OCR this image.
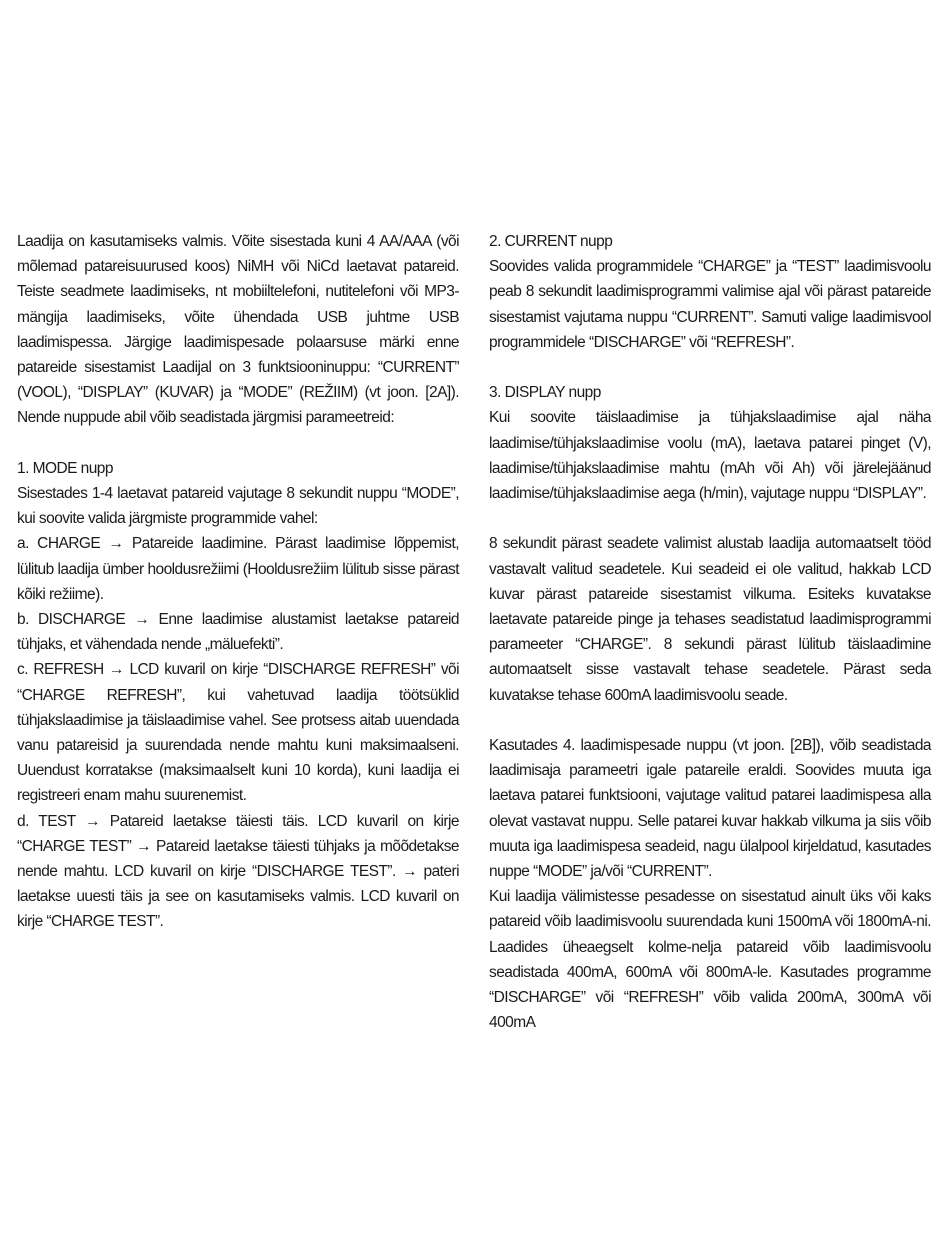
Laadija on kasutamiseks valmis. Võite sisestada kuni 4 AA/AAA (või mõlemad patareisuurused koos) NiMH või NiCd laetavat patareid. Teiste seadmete laadimiseks, nt mobiiltelefoni, nutitelefoni või MP3-mängija laadimiseks, võite ühendada USB juhtme USB laadimispessa. Järgige laadimispesade polaarsuse märki enne patareide sisestamist Laadijal on 3 funktsiooninuppu: “CURRENT” (VOOL), “DISPLAY” (KUVAR) ja “MODE” (REŽIIM) (vt joon. [2A]). Nende nuppude abil võib seadistada järgmisi parameetreid:

1. MODE nupp

Sisestades 1-4 laetavat patareid vajutage 8 sekundit nuppu “MODE”, kui soovite valida järgmiste programmide vahel:

a. CHARGE → Patareide laadimine. Pärast laadimise lõppemist, lülitub laadija ümber hooldusrežiimi (Hooldusrežiim lülitub sisse pärast kõiki režiime).

b. DISCHARGE → Enne laadimise alustamist laetakse patareid tühjaks, et vähendada nende „mäluefekti”.

c. REFRESH → LCD kuvaril on kirje “DISCHARGE REFRESH” või “CHARGE REFRESH”, kui vahetuvad laadija töötsüklid tühjakslaadimise ja täislaadimise vahel. See protsess aitab uuendada vanu patareisid ja suurendada nende mahtu kuni maksimaalseni. Uuendust korratakse (maksimaalselt kuni 10 korda), kuni laadija ei registreeri enam mahu suurenemist.

d. TEST → Patareid laetakse täiesti täis. LCD kuvaril on kirje “CHARGE TEST” → Patareid laetakse täiesti tühjaks ja mõõdetakse nende mahtu. LCD kuvaril on kirje “DISCHARGE TEST”. → pateri laetakse uuesti täis ja see on kasutamiseks valmis. LCD kuvaril on kirje “CHARGE TEST”.

2. CURRENT nupp

Soovides valida programmidele “CHARGE” ja “TEST” laadimisvoolu peab 8 sekundit laadimisprogrammi valimise ajal või pärast patareide sisestamist vajutama nuppu “CURRENT”. Samuti valige laadimisvool programmidele “DISCHARGE” või “REFRESH”.

3. DISPLAY nupp

Kui soovite täislaadimise ja tühjakslaadimise ajal näha laadimise/tühjakslaadimise voolu (mA), laetava patarei pinget (V), laadimise/tühjakslaadimise mahtu (mAh või Ah) või järelejäänud laadimise/tühjakslaadimise aega (h/min), vajutage nuppu “DISPLAY”.

8 sekundit pärast seadete valimist alustab laadija automaatselt tööd vastavalt valitud seadetele. Kui seadeid ei ole valitud, hakkab LCD kuvar pärast patareide sisestamist vilkuma. Esiteks kuvatakse laetavate patareide pinge ja tehases seadistatud laadimisprogrammi parameeter “CHARGE”. 8 sekundi pärast lülitub täislaadimine automaatselt sisse vastavalt tehase seadetele. Pärast seda kuvatakse tehase 600mA laadimisvoolu seade.

Kasutades 4. laadimispesade nuppu (vt joon. [2B]), võib seadistada laadimisaja parameetri igale patareile eraldi. Soovides muuta iga laetava patarei funktsiooni, vajutage valitud patarei laadimispesa alla olevat vastavat nuppu. Selle patarei kuvar hakkab vilkuma ja siis võib muuta iga laadimispesa seadeid, nagu ülalpool kirjeldatud, kasutades nuppe “MODE” ja/või “CURRENT”.

Kui laadija välimistesse pesadesse on sisestatud ainult üks või kaks patareid võib laadimisvoolu suurendada kuni 1500mA või 1800mA-ni. Laadides üheaegselt kolme-nelja patareid võib laadimisvoolu seadistada 400mA, 600mA või 800mA-le. Kasutades programme “DISCHARGE” või “REFRESH” võib valida 200mA, 300mA või 400mA
